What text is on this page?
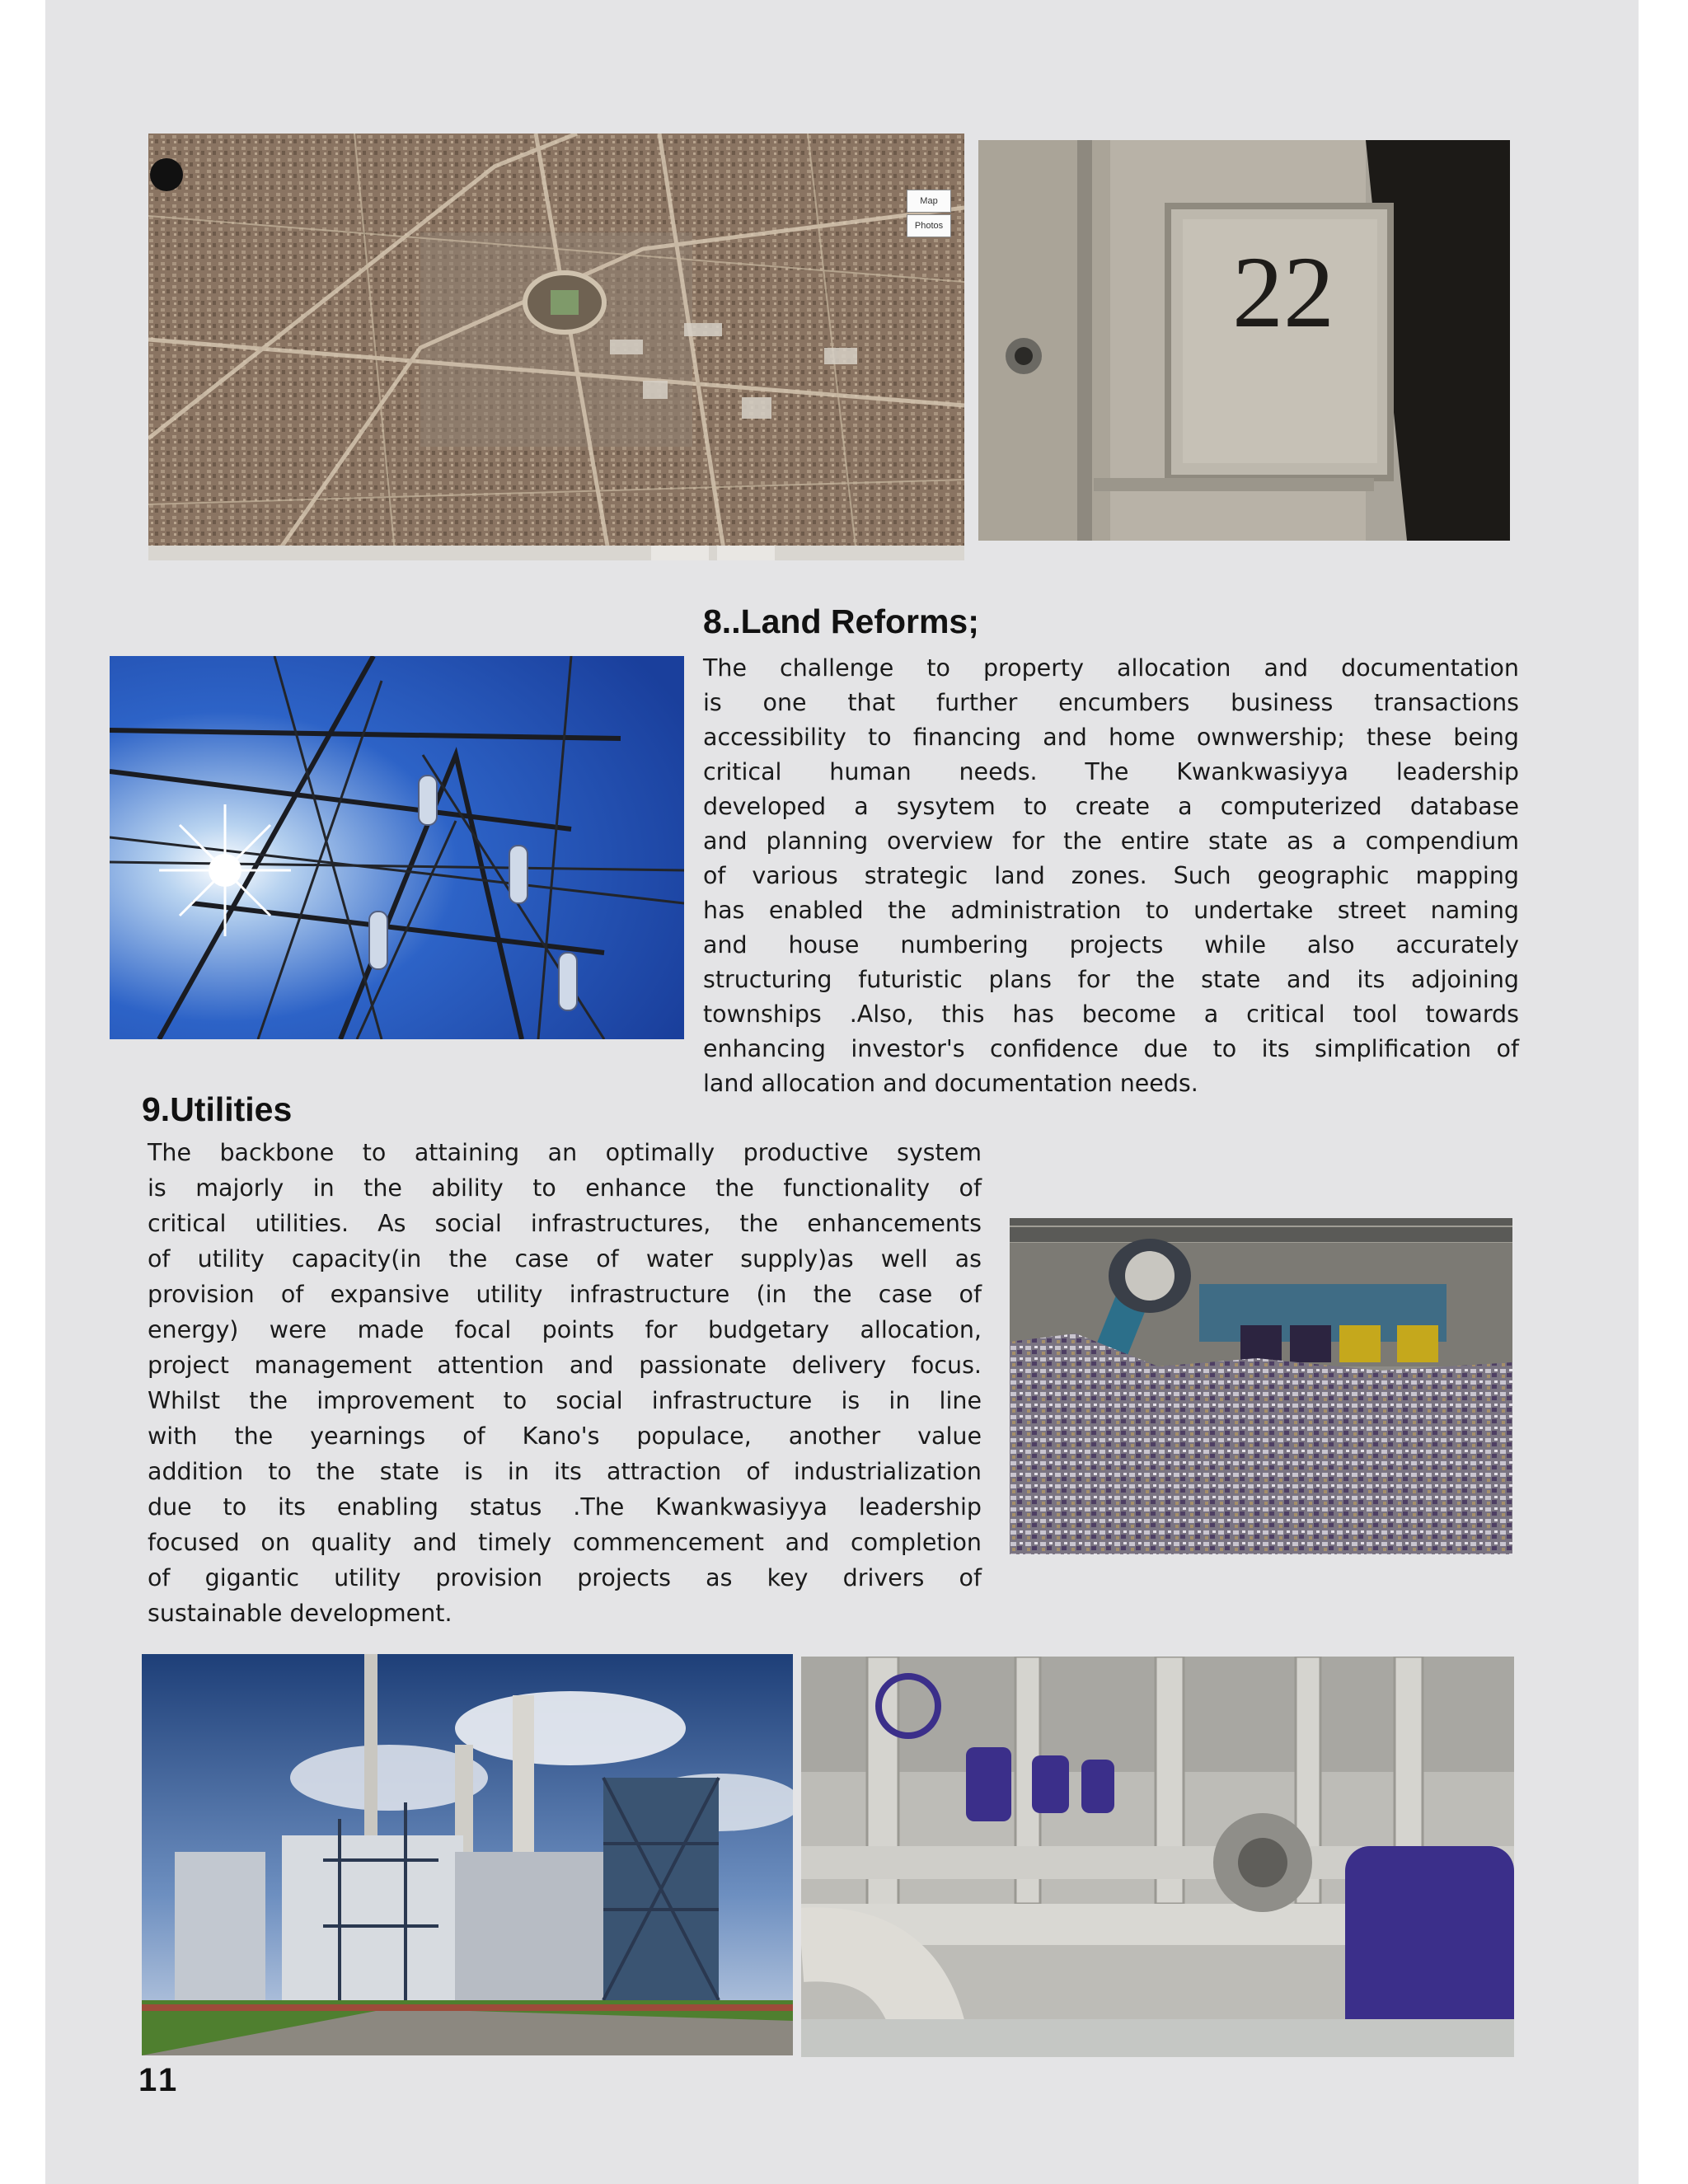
Map
Photos
22
8..Land Reforms;

The challenge to property allocation and documentation

is one that further encumbers business transactions

accessibility to financing and home ownwership; these being

critical human needs. The Kwankwasiyya leadership

developed a sysytem to create a computerized database

and planning overview for the entire state as a compendium

of various strategic land zones. Such geographic mapping

has enabled the administration to undertake street naming

and house numbering projects while also accurately

structuring futuristic plans for the state and its adjoining

townships .Also, this has become a critical tool towards

enhancing investor's confidence due to its simplification of

land allocation and documentation needs.

9.Utilities

The backbone to attaining an optimally productive system

is majorly in the ability to enhance the functionality of

critical utilities. As social infrastructures, the enhancements

of utility capacity(in the case of water supply)as well as

provision of expansive utility infrastructure (in the case of

energy) were made focal points for budgetary allocation,

project management attention and passionate delivery focus.

Whilst the improvement to social infrastructure is in line

with the yearnings of Kano's populace, another value

addition to the state is in its attraction of industrialization

due to its enabling status .The Kwankwasiyya leadership

focused on quality and timely commencement and completion

of gigantic utility provision projects as key drivers of

sustainable development.

11
